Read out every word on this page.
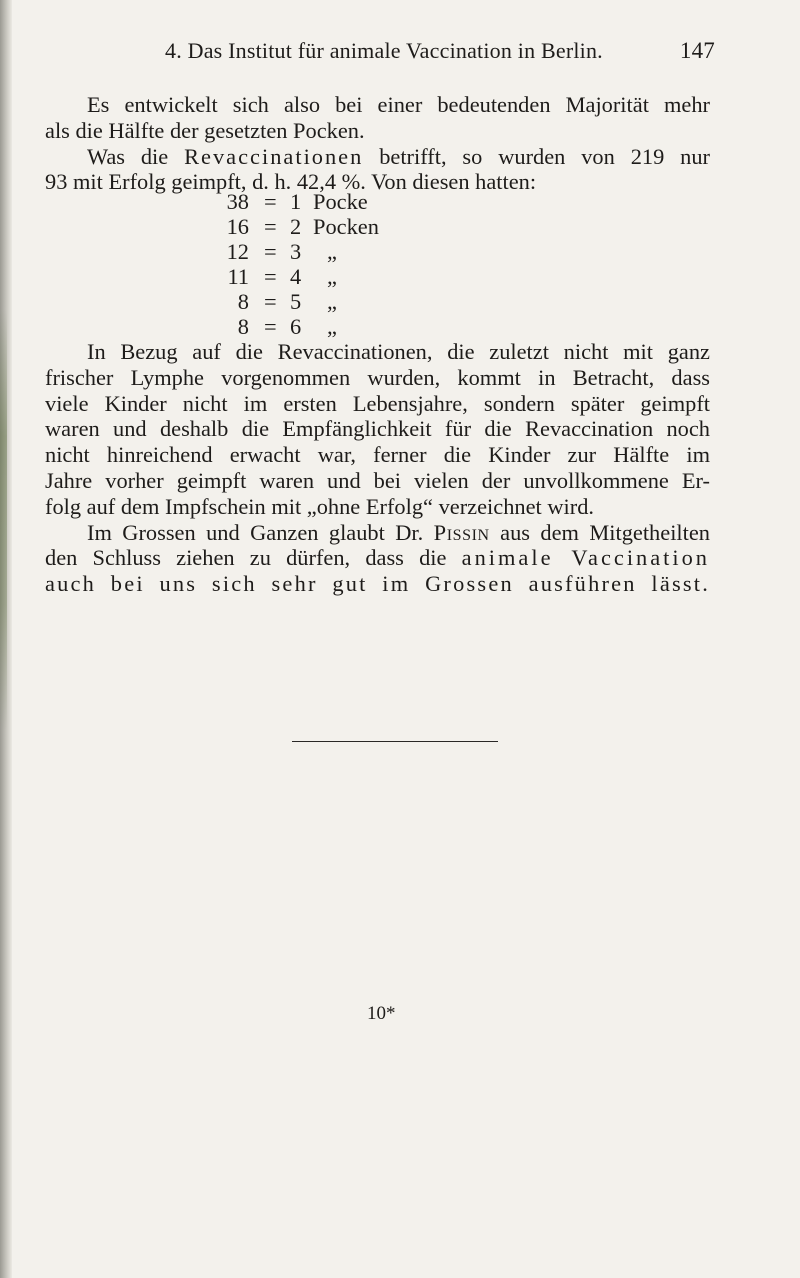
4. Das Institut für animale Vaccination in Berlin.	147
Es entwickelt sich also bei einer bedeutenden Majorität mehr
als die Hälfte der gesetzten Pocken.
Was die Revaccinationen betrifft, so wurden von 219 nur
93 mit Erfolg geimpft, d. h. 42,4 %. Von diesen hatten:
38 = 1 Pocke
16 = 2 Pocken
12 = 3 „
11 = 4 „
8 = 5 „
8 = 6 „
In Bezug auf die Revaccinationen, die zuletzt nicht mit ganz
frischer Lymphe vorgenommen wurden, kommt in Betracht, dass
viele Kinder nicht im ersten Lebensjahre, sondern später geimpft
waren und deshalb die Empfänglichkeit für die Revaccination noch
nicht hinreichend erwacht war, ferner die Kinder zur Hälfte im
Jahre vorher geimpft waren und bei vielen der unvollkommene Er-
folg auf dem Impfschein mit „ohne Erfolg“ verzeichnet wird.
Im Grossen und Ganzen glaubt Dr. Pissin aus dem Mitgetheilten
den Schluss ziehen zu dürfen, dass die animale Vaccination
auch bei uns sich sehr gut im Grossen ausführen lässt.
10*
